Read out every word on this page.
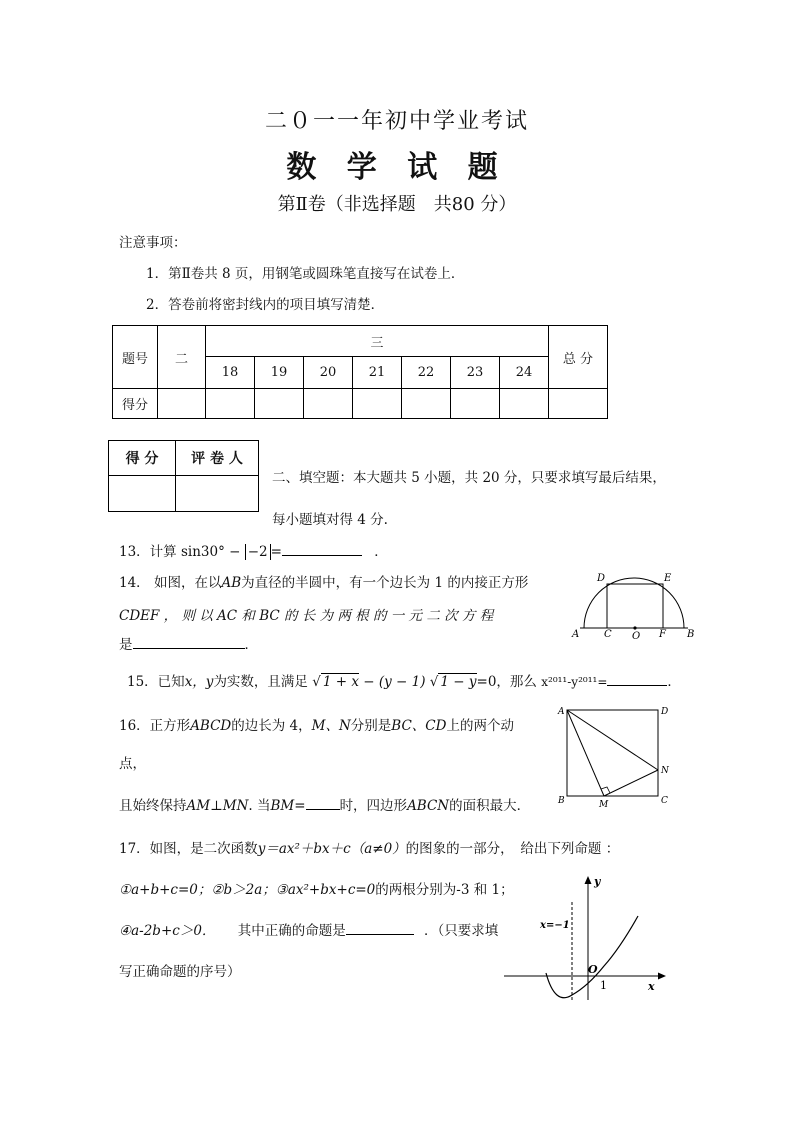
二０一一年初中学业考试
数 学 试 题
第Ⅱ卷（非选择题　共80 分）
注意事项：
1．第Ⅱ卷共 8 页，用钢笔或圆珠笔直接写在试卷上．
2．答卷前将密封线内的项目填写清楚．
题号	二	三							总 分
		18	19	20	21	22	23	24	
得分									
得 分	评 卷 人

二、填空题：本大题共 5 小题，共 20 分，只要求填写最后结果，
每小题填对得 4 分.
13．计算 sin30° − −2 =	．
14． 如图，在以AB为直径的半圆中，有一个边长为 1 的内接正方形
CDEF ， 则 以 AC 和 BC 的 长 为 两 根 的 一 元 二 次 方 程
是	．
A C O F B
D	E
15．已知x，y为实数，且满足 √ 1 + x − (y − 1) √ 1 − y=0，那么 x²⁰¹¹-y²⁰¹¹=	．
16．正方形ABCD的边长为 4，M、N分别是BC、CD上的两个动
点，
且始终保持AM⊥MN. 当BM=	时，四边形ABCN的面积最大．
A	D
B	C
M
N
17．如图，是二次函数y＝ax²＋bx＋c（a≠0）的图象的一部分，　给出下列命题 ：
①a+b+c=0；②b＞2a；③ax²+bx+c=0的两根分别为-3 和 1；
④a-2b+c＞0． 其中正确的命题是	．（只要求填
写正确命题的序号）
y
x
x=−1
O
1
